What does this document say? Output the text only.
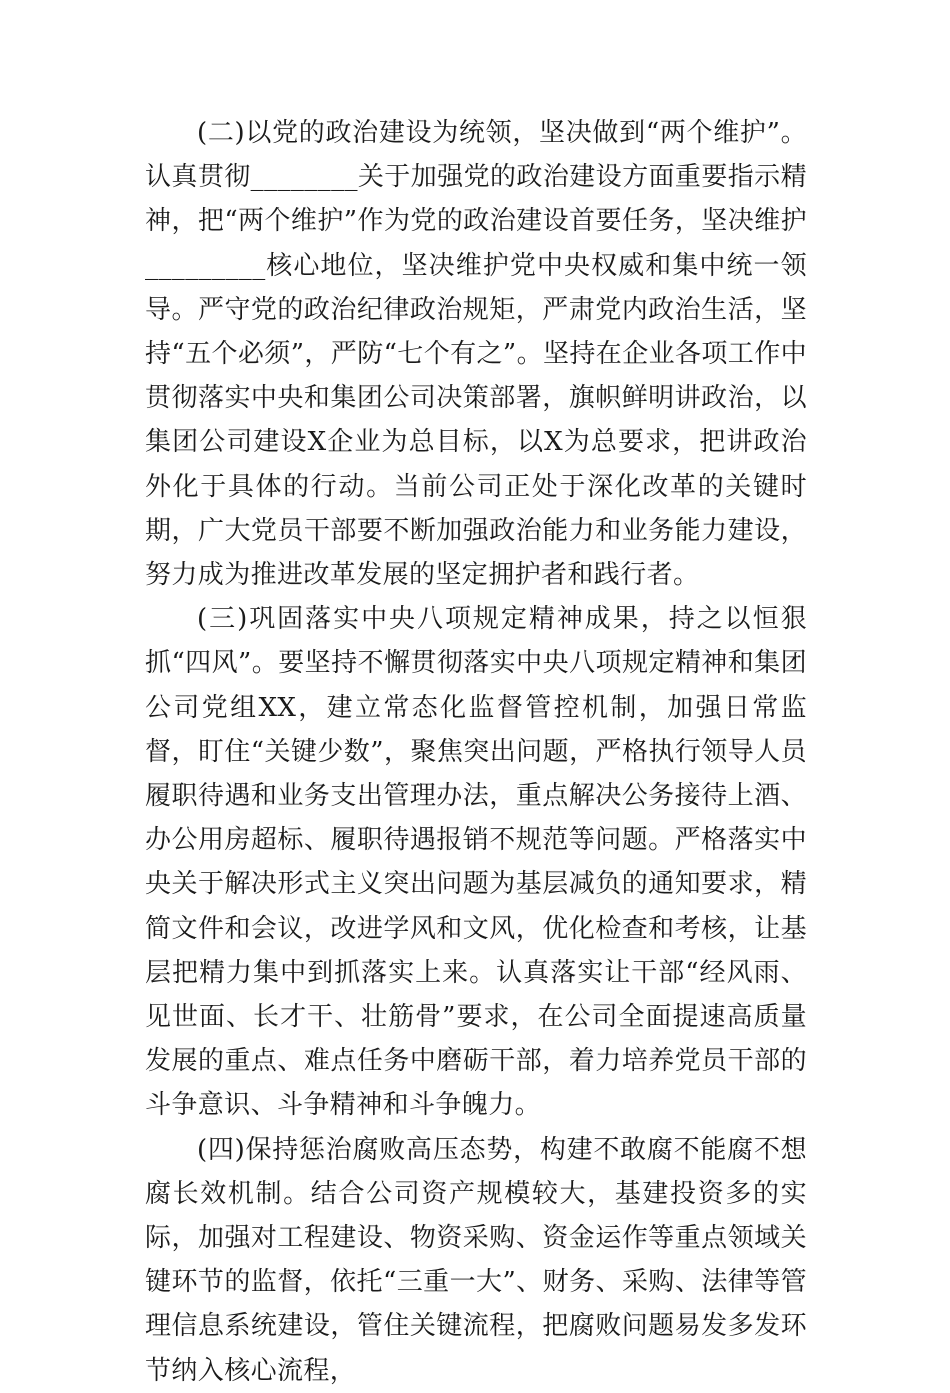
(二)以党的政治建设为统领，坚决做到“两个维护”。认真贯彻________关于加强党的政治建设方面重要指示精神，把“两个维护”作为党的政治建设首要任务，坚决维护_________核心地位，坚决维护党中央权威和集中统一领导。严守党的政治纪律政治规矩，严肃党内政治生活，坚持“五个必须”，严防“七个有之”。坚持在企业各项工作中贯彻落实中央和集团公司决策部署，旗帜鲜明讲政治，以集团公司建设X企业为总目标，以X为总要求，把讲政治外化于具体的行动。当前公司正处于深化改革的关键时期，广大党员干部要不断加强政治能力和业务能力建设，努力成为推进改革发展的坚定拥护者和践行者。

(三)巩固落实中央八项规定精神成果，持之以恒狠抓“四风”。要坚持不懈贯彻落实中央八项规定精神和集团公司党组XX，建立常态化监督管控机制，加强日常监督，盯住“关键少数”，聚焦突出问题，严格执行领导人员履职待遇和业务支出管理办法，重点解决公务接待上酒、办公用房超标、履职待遇报销不规范等问题。严格落实中央关于解决形式主义突出问题为基层减负的通知要求，精简文件和会议，改进学风和文风，优化检查和考核，让基层把精力集中到抓落实上来。认真落实让干部“经风雨、见世面、长才干、壮筋骨”要求，在公司全面提速高质量发展的重点、难点任务中磨砺干部，着力培养党员干部的斗争意识、斗争精神和斗争魄力。

(四)保持惩治腐败高压态势，构建不敢腐不能腐不想腐长效机制。结合公司资产规模较大，基建投资多的实际，加强对工程建设、物资采购、资金运作等重点领域关键环节的监督，依托“三重一大”、财务、采购、法律等管理信息系统建设，管住关键流程，把腐败问题易发多发环节纳入核心流程，
